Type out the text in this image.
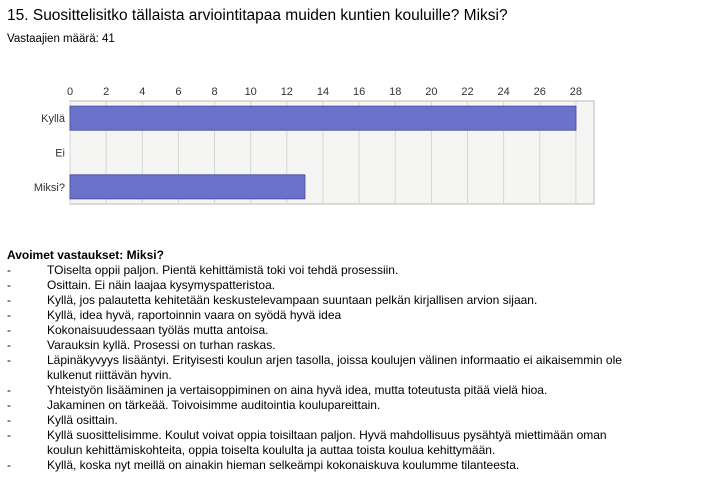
15. Suosittelisitko tällaista arviointitapaa muiden kuntien kouluille? Miksi?
Vastaajien määrä: 41
0	2	4	6	8 10 12 14 16 18 20 22 24 26 28
Kyllä
Ei
Miksi?
Avoimet vastaukset: Miksi?
-	TOiselta oppii paljon. Pientä kehittämistä toki voi tehdä prosessiin.
-	Osittain. Ei näin laajaa kysymyspatteristoa.
-	Kyllä, jos palautetta kehitetään keskustelevampaan suuntaan pelkän kirjallisen arvion sijaan.
-	Kyllä, idea hyvä, raportoinnin vaara on syödä hyvä idea
-	Kokonaisuudessaan työläs mutta antoisa.
-	Varauksin kyllä. Prosessi on turhan raskas.
-	Läpinäkyvyys lisääntyi. Erityisesti koulun arjen tasolla, joissa koulujen välinen informaatio ei aikaisemmin ole
kulkenut riittävän hyvin.
-	Yhteistyön lisääminen ja vertaisoppiminen on aina hyvä idea, mutta toteutusta pitää vielä hioa.
-	Jakaminen on tärkeää. Toivoisimme auditointia koulupareittain.
-	Kyllä osittain.
-	Kyllä suosittelisimme. Koulut voivat oppia toisiltaan paljon. Hyvä mahdollisuus pysähtyä miettimään oman
koulun kehittämiskohteita, oppia toiselta koululta ja auttaa toista koulua kehittymään.
-	Kyllä, koska nyt meillä on ainakin hieman selkeämpi kokonaiskuva koulumme tilanteesta.
